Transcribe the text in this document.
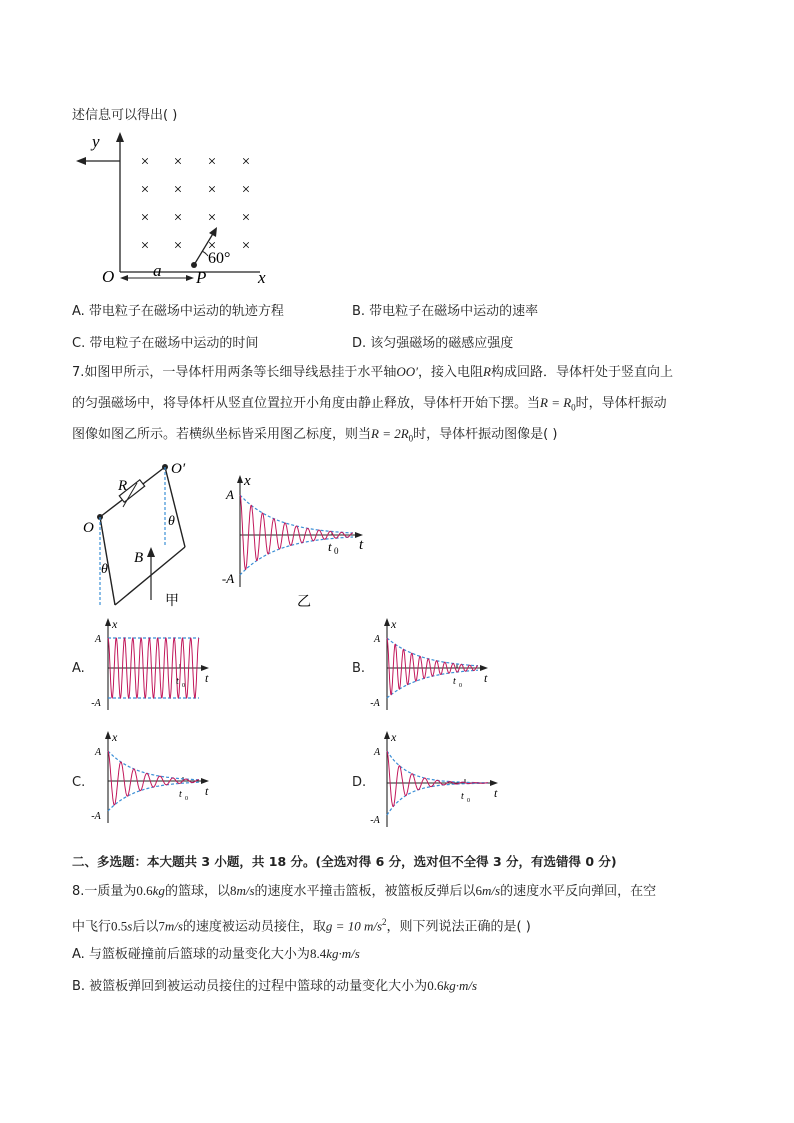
述信息可以得出( )
× × × ×
× × × ×
× × × ×
× × × ×
y
O	P	x
a
60°
A. 带电粒子在磁场中运动的轨迹方程	B. 带电粒子在磁场中运动的速率
C. 带电粒子在磁场中运动的时间	D. 该匀强磁场的磁感应强度
7.如图甲所示，一导体杆用两条等长细导线悬挂于水平轴OO′，接入电阻R构成回路．导体杆处于竖直向上
的匀强磁场中，将导体杆从竖直位置拉开小角度由静止释放，导体杆开始下摆。当$R = R_0$时，导体杆振动
图像如图乙所示。若横纵坐标皆采用图乙标度，则当$R = 2R_0$时，导体杆振动图像是( )
O
O′
R
B
θ
θ
甲
x
A
-A
t
t 0
乙
A.
x
A
-A
t
t 0
B.
x
A
-A
t
t 0
C.
x
A
-A
t
t 0
D.
x
A
-A
t
t 0
二、多选题：本大题共 3 小题，共 18 分。(全选对得 6 分，选对但不全得 3 分，有选错得 0 分)
8.一质量为0.6kg的篮球，以8m/s的速度水平撞击篮板，被篮板反弹后以6m/s的速度水平反向弹回，在空
中飞行0.5s后以7m/s的速度被运动员接住，取g = 10 $m/s^2$，则下列说法正确的是( )
A. 与篮板碰撞前后篮球的动量变化大小为8.4kg·m/s
B. 被篮板弹回到被运动员接住的过程中篮球的动量变化大小为0.6kg·m/s
